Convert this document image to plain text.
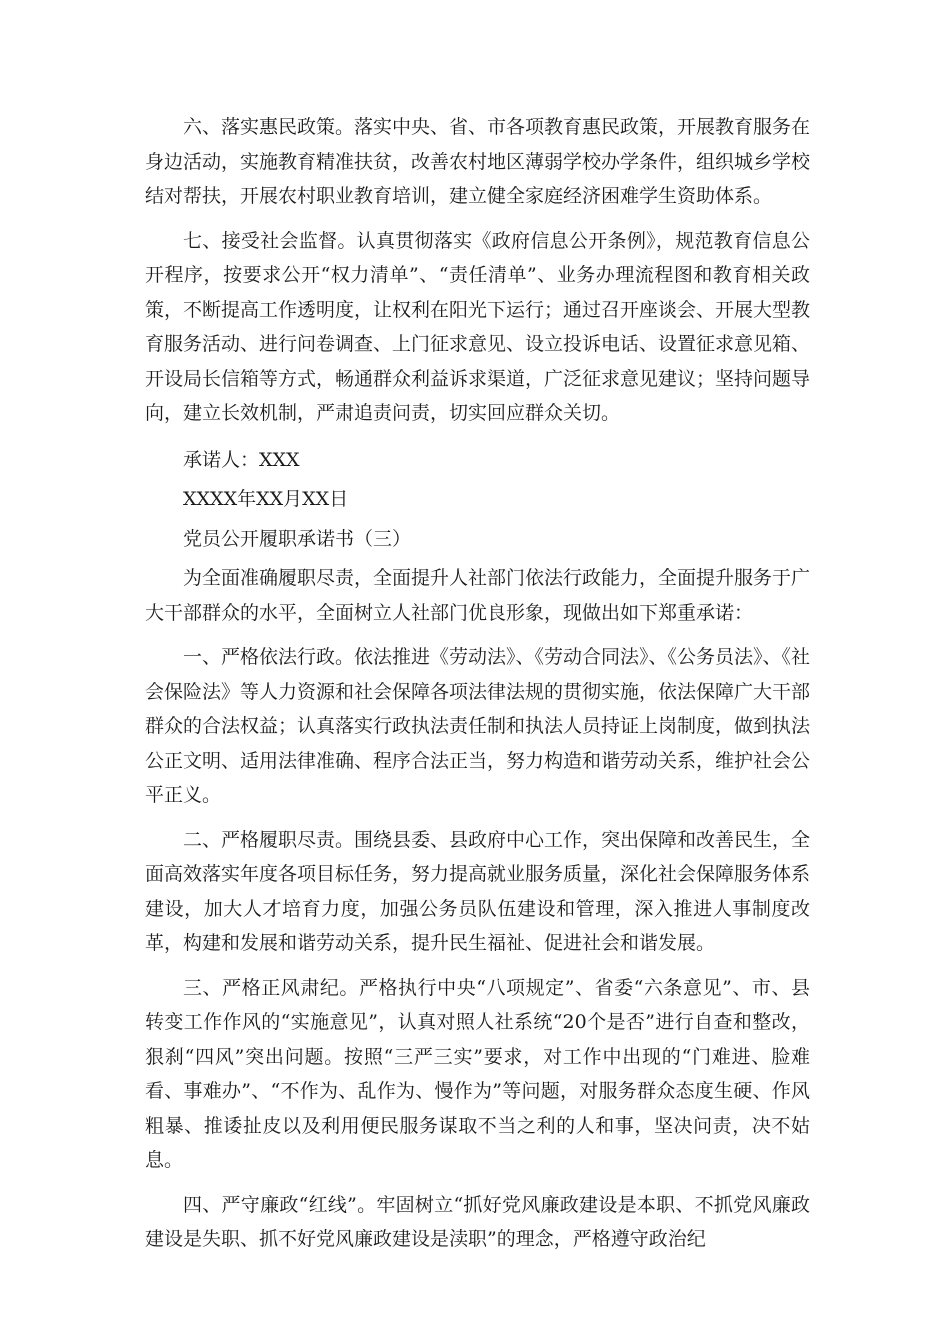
六、落实惠民政策。落实中央、省、市各项教育惠民政策，开展教育服务在身边活动，实施教育精准扶贫，改善农村地区薄弱学校办学条件，组织城乡学校结对帮扶，开展农村职业教育培训，建立健全家庭经济困难学生资助体系。

七、接受社会监督。认真贯彻落实《政府信息公开条例》，规范教育信息公开程序，按要求公开“权力清单”、“责任清单”、业务办理流程图和教育相关政策，不断提高工作透明度，让权利在阳光下运行；通过召开座谈会、开展大型教育服务活动、进行问卷调查、上门征求意见、设立投诉电话、设置征求意见箱、开设局长信箱等方式，畅通群众利益诉求渠道，广泛征求意见建议；坚持问题导向，建立长效机制，严肃追责问责，切实回应群众关切。

承诺人：XXX

XXXX年XX月XX日

党员公开履职承诺书（三）

为全面准确履职尽责，全面提升人社部门依法行政能力，全面提升服务于广大干部群众的水平，全面树立人社部门优良形象，现做出如下郑重承诺：

一、严格依法行政。依法推进《劳动法》、《劳动合同法》、《公务员法》、《社会保险法》等人力资源和社会保障各项法律法规的贯彻实施，依法保障广大干部群众的合法权益；认真落实行政执法责任制和执法人员持证上岗制度，做到执法公正文明、适用法律准确、程序合法正当，努力构造和谐劳动关系，维护社会公平正义。

二、严格履职尽责。围绕县委、县政府中心工作，突出保障和改善民生，全面高效落实年度各项目标任务，努力提高就业服务质量，深化社会保障服务体系建设，加大人才培育力度，加强公务员队伍建设和管理，深入推进人事制度改革，构建和发展和谐劳动关系，提升民生福祉、促进社会和谐发展。

三、严格正风肃纪。严格执行中央“八项规定”、省委“六条意见”、市、县转变工作作风的“实施意见”，认真对照人社系统“20个是否”进行自查和整改，狠刹“四风”突出问题。按照“三严三实”要求，对工作中出现的“门难进、脸难看、事难办”、“不作为、乱作为、慢作为”等问题，对服务群众态度生硬、作风粗暴、推诿扯皮以及利用便民服务谋取不当之利的人和事，坚决问责，决不姑息。

四、严守廉政“红线”。牢固树立“抓好党风廉政建设是本职、不抓党风廉政建设是失职、抓不好党风廉政建设是渎职”的理念，严格遵守政治纪
